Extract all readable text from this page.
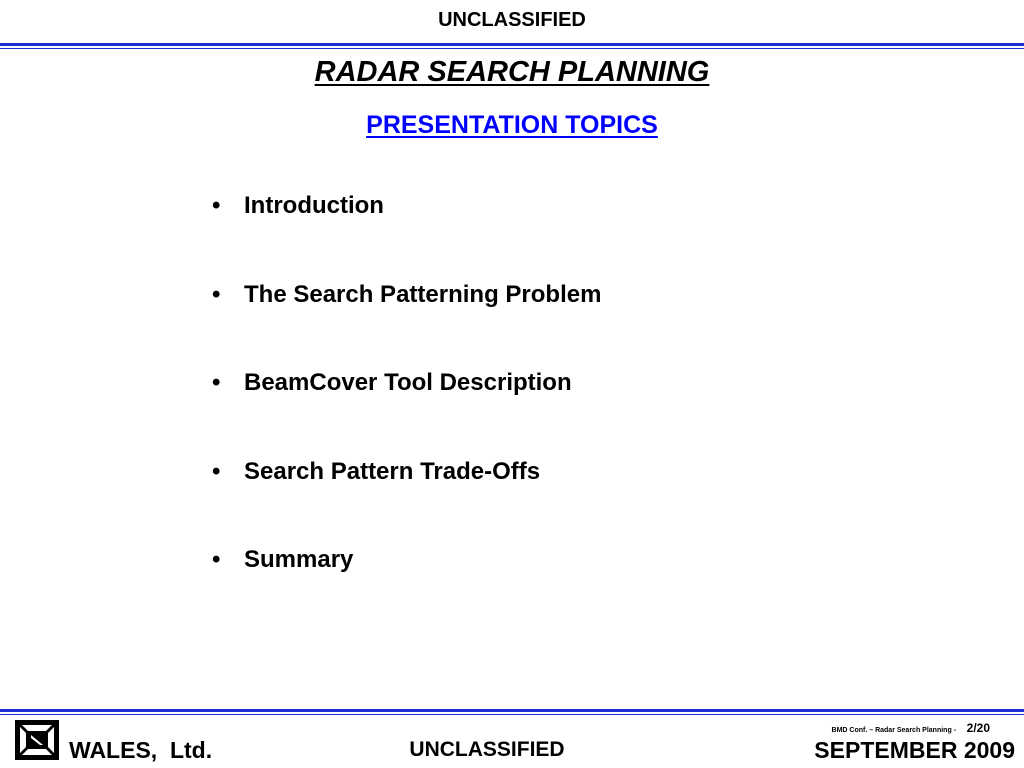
UNCLASSIFIED
RADAR SEARCH PLANNING
PRESENTATION TOPICS
• Introduction
• The Search Patterning Problem
• BeamCover Tool Description
• Search Pattern Trade-Offs
• Summary
WALES,  Ltd.	UNCLASSIFIED
BMD Conf. – Radar Search Planning - 2/20
SEPTEMBER 2009
